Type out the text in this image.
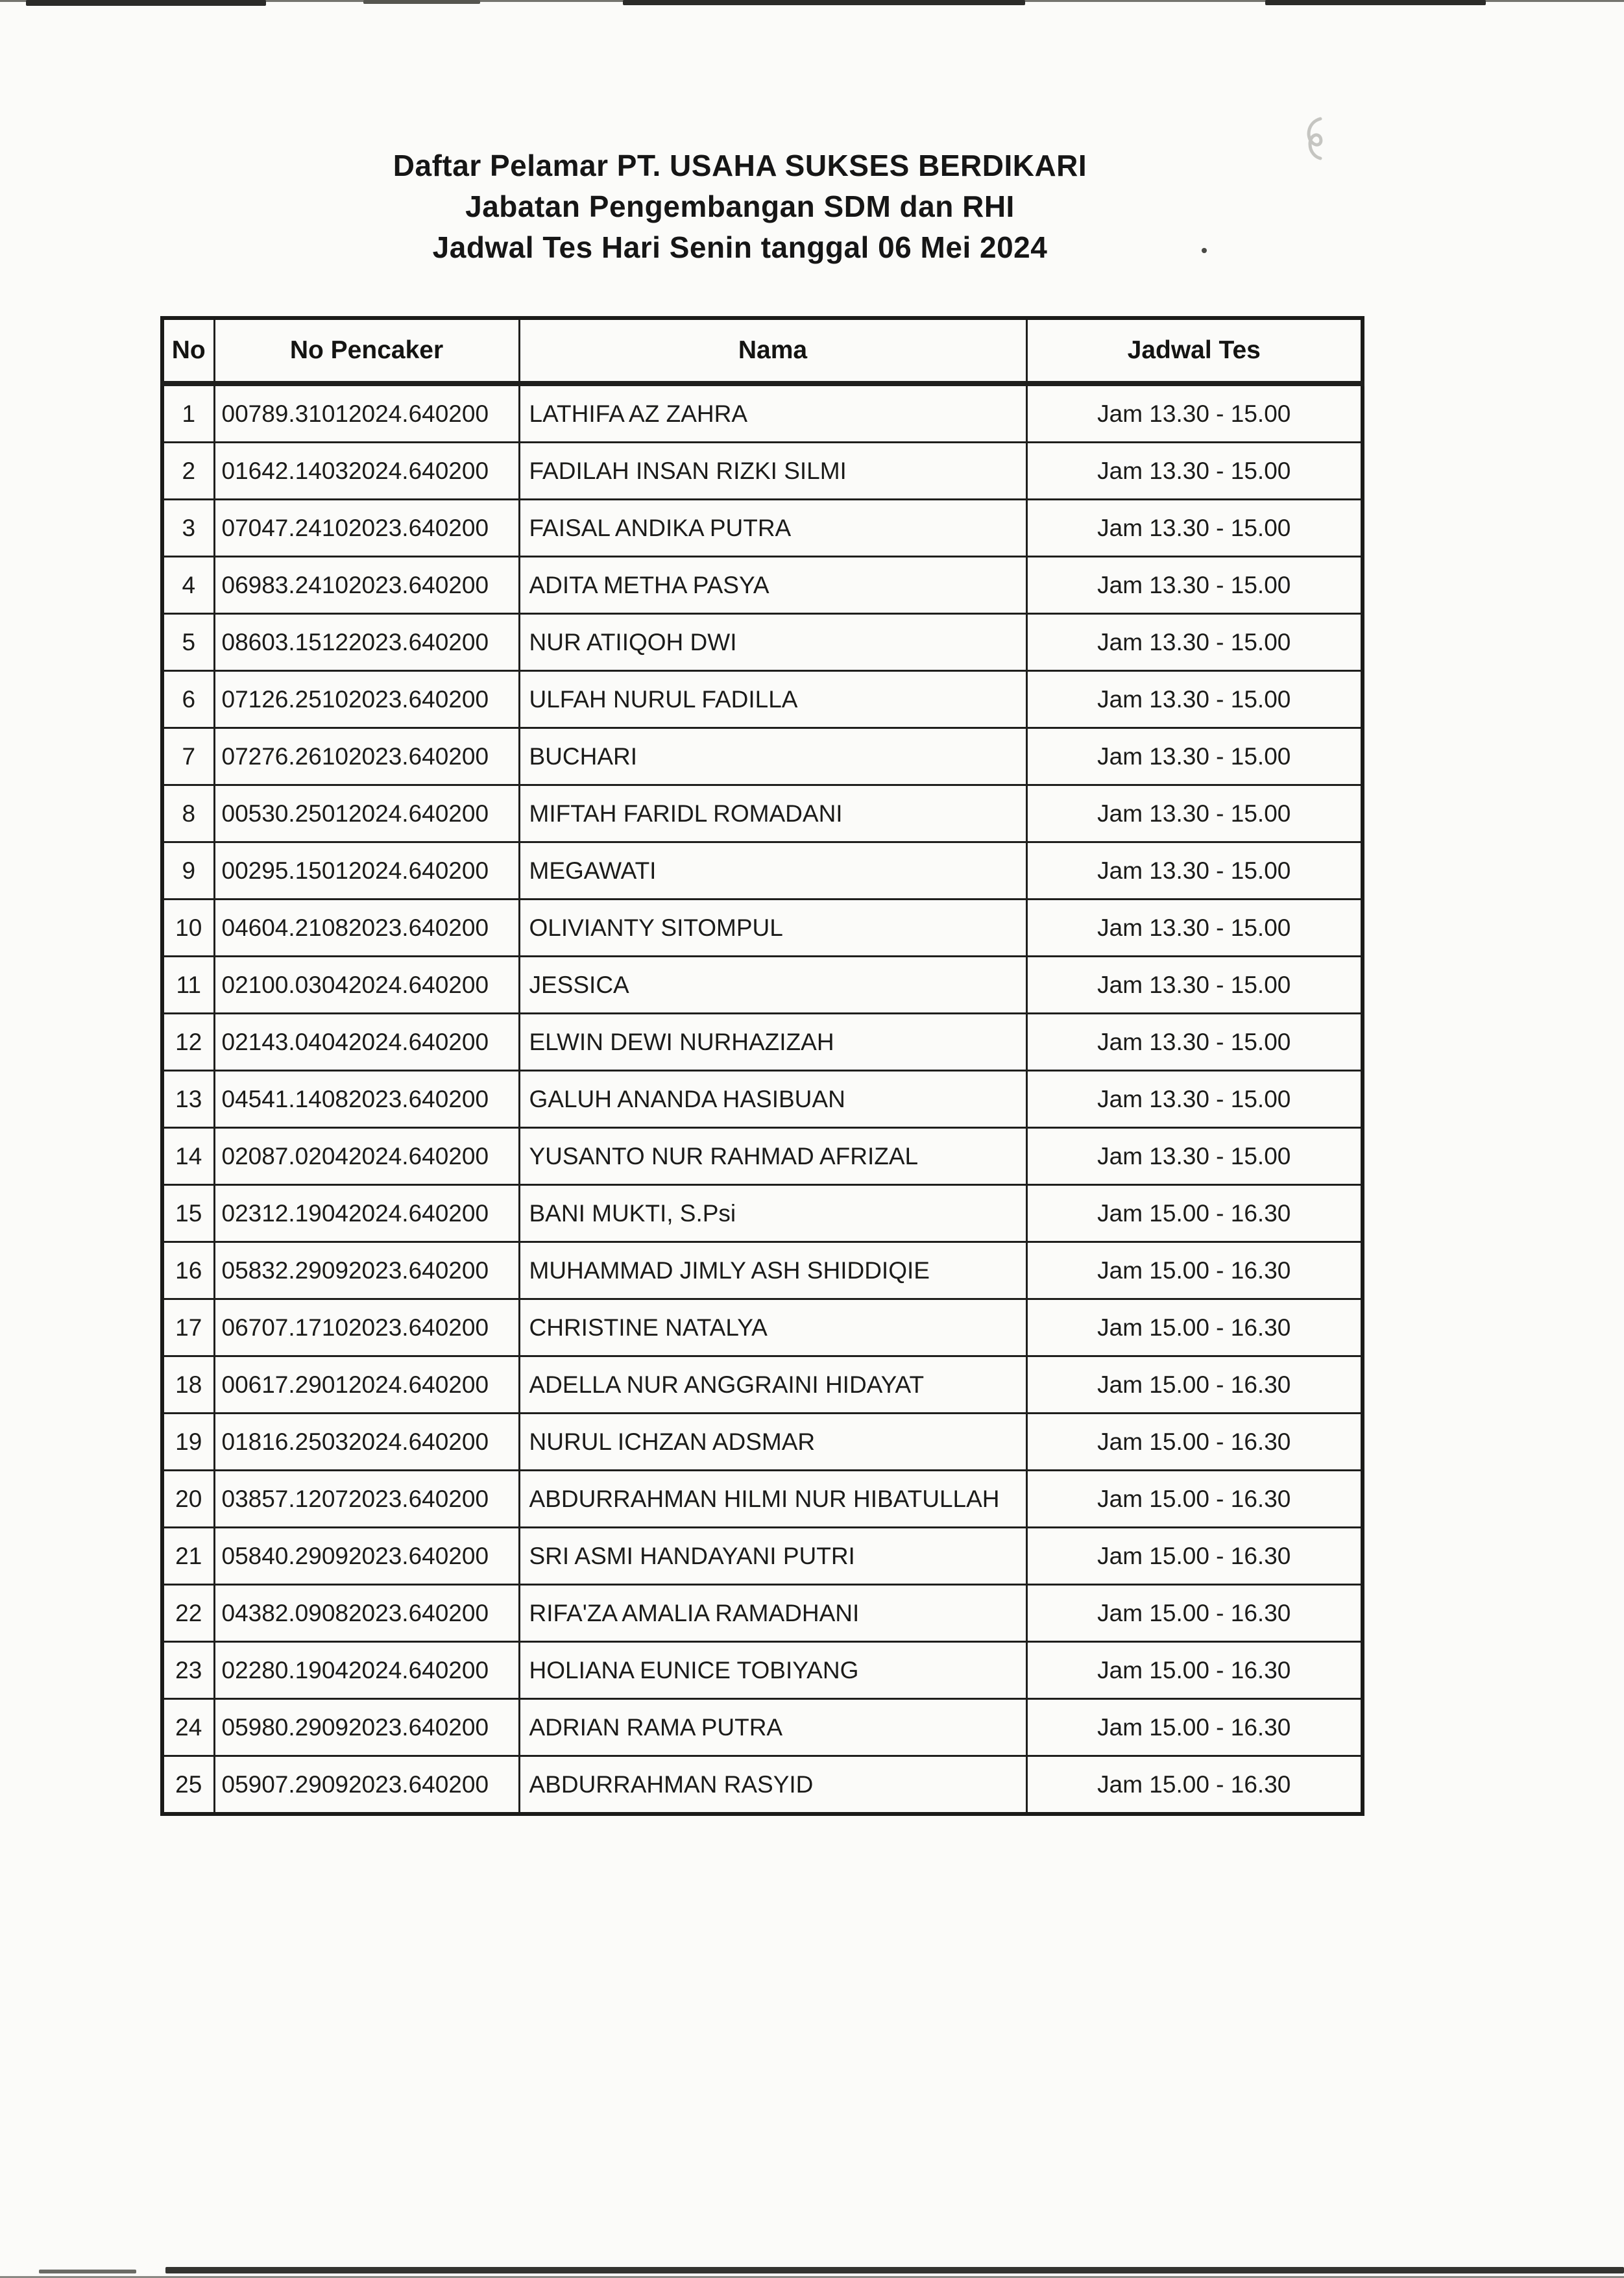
Daftar Pelamar PT. USAHA SUKSES BERDIKARI
Jabatan Pengembangan SDM dan RHI
Jadwal Tes Hari Senin tanggal 06 Mei 2024
No	No Pencaker	Nama	Jadwal Tes
1	00789.31012024.640200	LATHIFA AZ ZAHRA	Jam 13.30 - 15.00
2	01642.14032024.640200	FADILAH INSAN RIZKI SILMI	Jam 13.30 - 15.00
3	07047.24102023.640200	FAISAL ANDIKA PUTRA	Jam 13.30 - 15.00
4	06983.24102023.640200	ADITA METHA PASYA	Jam 13.30 - 15.00
5	08603.15122023.640200	NUR ATIIQOH DWI	Jam 13.30 - 15.00
6	07126.25102023.640200	ULFAH NURUL FADILLA	Jam 13.30 - 15.00
7	07276.26102023.640200	BUCHARI	Jam 13.30 - 15.00
8	00530.25012024.640200	MIFTAH FARIDL ROMADANI	Jam 13.30 - 15.00
9	00295.15012024.640200	MEGAWATI	Jam 13.30 - 15.00
10	04604.21082023.640200	OLIVIANTY SITOMPUL	Jam 13.30 - 15.00
11	02100.03042024.640200	JESSICA	Jam 13.30 - 15.00
12	02143.04042024.640200	ELWIN DEWI NURHAZIZAH	Jam 13.30 - 15.00
13	04541.14082023.640200	GALUH ANANDA HASIBUAN	Jam 13.30 - 15.00
14	02087.02042024.640200	YUSANTO NUR RAHMAD AFRIZAL	Jam 13.30 - 15.00
15	02312.19042024.640200	BANI MUKTI, S.Psi	Jam 15.00 - 16.30
16	05832.29092023.640200	MUHAMMAD JIMLY ASH SHIDDIQIE	Jam 15.00 - 16.30
17	06707.17102023.640200	CHRISTINE NATALYA	Jam 15.00 - 16.30
18	00617.29012024.640200	ADELLA NUR ANGGRAINI HIDAYAT	Jam 15.00 - 16.30
19	01816.25032024.640200	NURUL ICHZAN ADSMAR	Jam 15.00 - 16.30
20	03857.12072023.640200	ABDURRAHMAN HILMI NUR HIBATULLAH	Jam 15.00 - 16.30
21	05840.29092023.640200	SRI ASMI HANDAYANI PUTRI	Jam 15.00 - 16.30
22	04382.09082023.640200	RIFA'ZA AMALIA RAMADHANI	Jam 15.00 - 16.30
23	02280.19042024.640200	HOLIANA EUNICE TOBIYANG	Jam 15.00 - 16.30
24	05980.29092023.640200	ADRIAN RAMA PUTRA	Jam 15.00 - 16.30
25	05907.29092023.640200	ABDURRAHMAN RASYID	Jam 15.00 - 16.30
